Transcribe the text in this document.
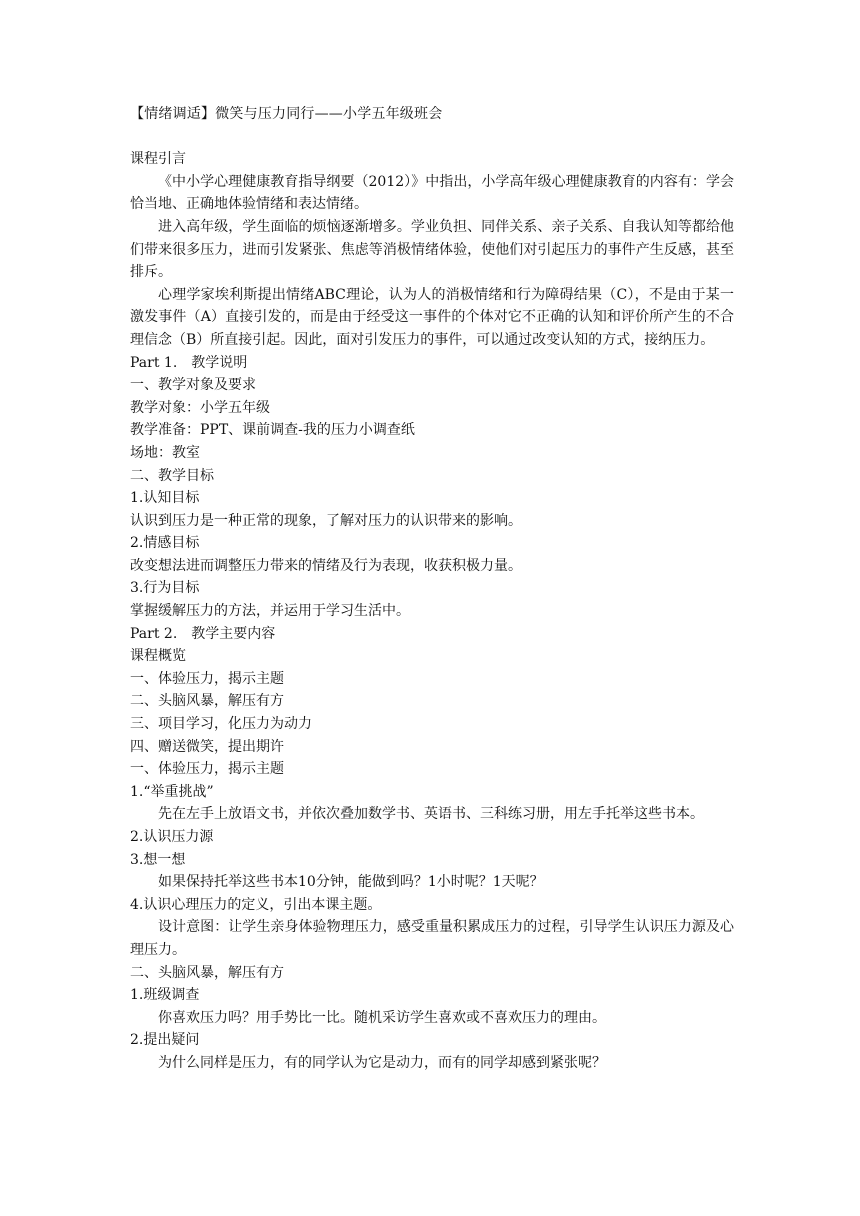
【情绪调适】微笑与压力同行——小学五年级班会

课程引言

《中小学心理健康教育指导纲要（2012）》中指出，小学高年级心理健康教育的内容有：学会恰当地、正确地体验情绪和表达情绪。

进入高年级，学生面临的烦恼逐渐增多。学业负担、同伴关系、亲子关系、自我认知等都给他们带来很多压力，进而引发紧张、焦虑等消极情绪体验，使他们对引起压力的事件产生反感，甚至排斥。

心理学家埃利斯提出情绪ABC理论，认为人的消极情绪和行为障碍结果（C），不是由于某一激发事件（A）直接引发的，而是由于经受这一事件的个体对它不正确的认知和评价所产生的不合理信念（B）所直接引起。因此，面对引发压力的事件，可以通过改变认知的方式，接纳压力。

Part 1.　教学说明

一、教学对象及要求

教学对象：小学五年级

教学准备：PPT、课前调查-我的压力小调查纸

场地：教室

二、教学目标

1.认知目标

认识到压力是一种正常的现象，了解对压力的认识带来的影响。

2.情感目标

改变想法进而调整压力带来的情绪及行为表现，收获积极力量。

3.行为目标

掌握缓解压力的方法，并运用于学习生活中。

Part 2.　教学主要内容

课程概览

一、体验压力，揭示主题

二、头脑风暴，解压有方

三、项目学习，化压力为动力

四、赠送微笑，提出期许

一、体验压力，揭示主题

1.“举重挑战”

先在左手上放语文书，并依次叠加数学书、英语书、三科练习册，用左手托举这些书本。

2.认识压力源

3.想一想

如果保持托举这些书本10分钟，能做到吗？1小时呢？1天呢？

4.认识心理压力的定义，引出本课主题。

设计意图：让学生亲身体验物理压力，感受重量积累成压力的过程，引导学生认识压力源及心理压力。

二、头脑风暴，解压有方

1.班级调查

你喜欢压力吗？用手势比一比。随机采访学生喜欢或不喜欢压力的理由。

2.提出疑问

为什么同样是压力，有的同学认为它是动力，而有的同学却感到紧张呢？
